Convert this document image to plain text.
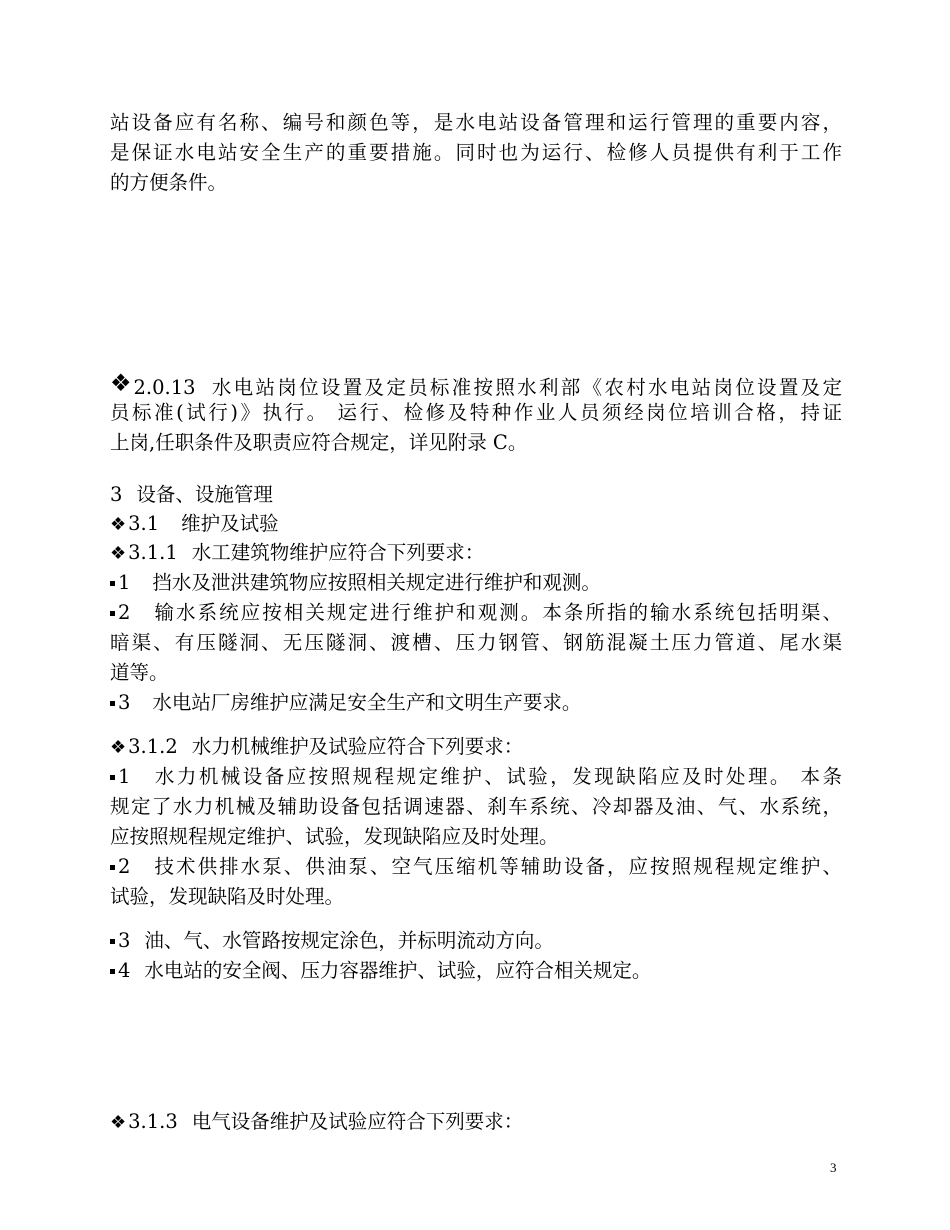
站设备应有名称、编号和颜色等，是水电站设备管理和运行管理的重要内容，
是保证水电站安全生产的重要措施。同时也为运行、检修人员提供有利于工作
的方便条件。
❖ 2.0.13 水电站岗位设置及定员标准按照水利部《农村水电站岗位设置及定
员标准(试行)》执行。 运行、检修及特种作业人员须经岗位培训合格，持证
上岗,任职条件及职责应符合规定，详见附录 C。
3 设备、设施管理
❖ 3.1 维护及试验
❖ 3.1.1 水工建筑物维护应符合下列要求：
1 挡水及泄洪建筑物应按照相关规定进行维护和观测。
2 输水系统应按相关规定进行维护和观测。本条所指的输水系统包括明渠、
暗渠、有压隧洞、无压隧洞、渡槽、压力钢管、钢筋混凝土压力管道、尾水渠
道等。
3 水电站厂房维护应满足安全生产和文明生产要求。
❖ 3.1.2 水力机械维护及试验应符合下列要求：
1 水力机械设备应按照规程规定维护、试验，发现缺陷应及时处理。 本条
规定了水力机械及辅助设备包括调速器、刹车系统、冷却器及油、气、水系统，
应按照规程规定维护、试验，发现缺陷应及时处理。
2 技术供排水泵、供油泵、空气压缩机等辅助设备，应按照规程规定维护、
试验，发现缺陷及时处理。
3 油、气、水管路按规定涂色，并标明流动方向。
4 水电站的安全阀、压力容器维护、试验，应符合相关规定。
❖ 3.1.3 电气设备维护及试验应符合下列要求：
3
